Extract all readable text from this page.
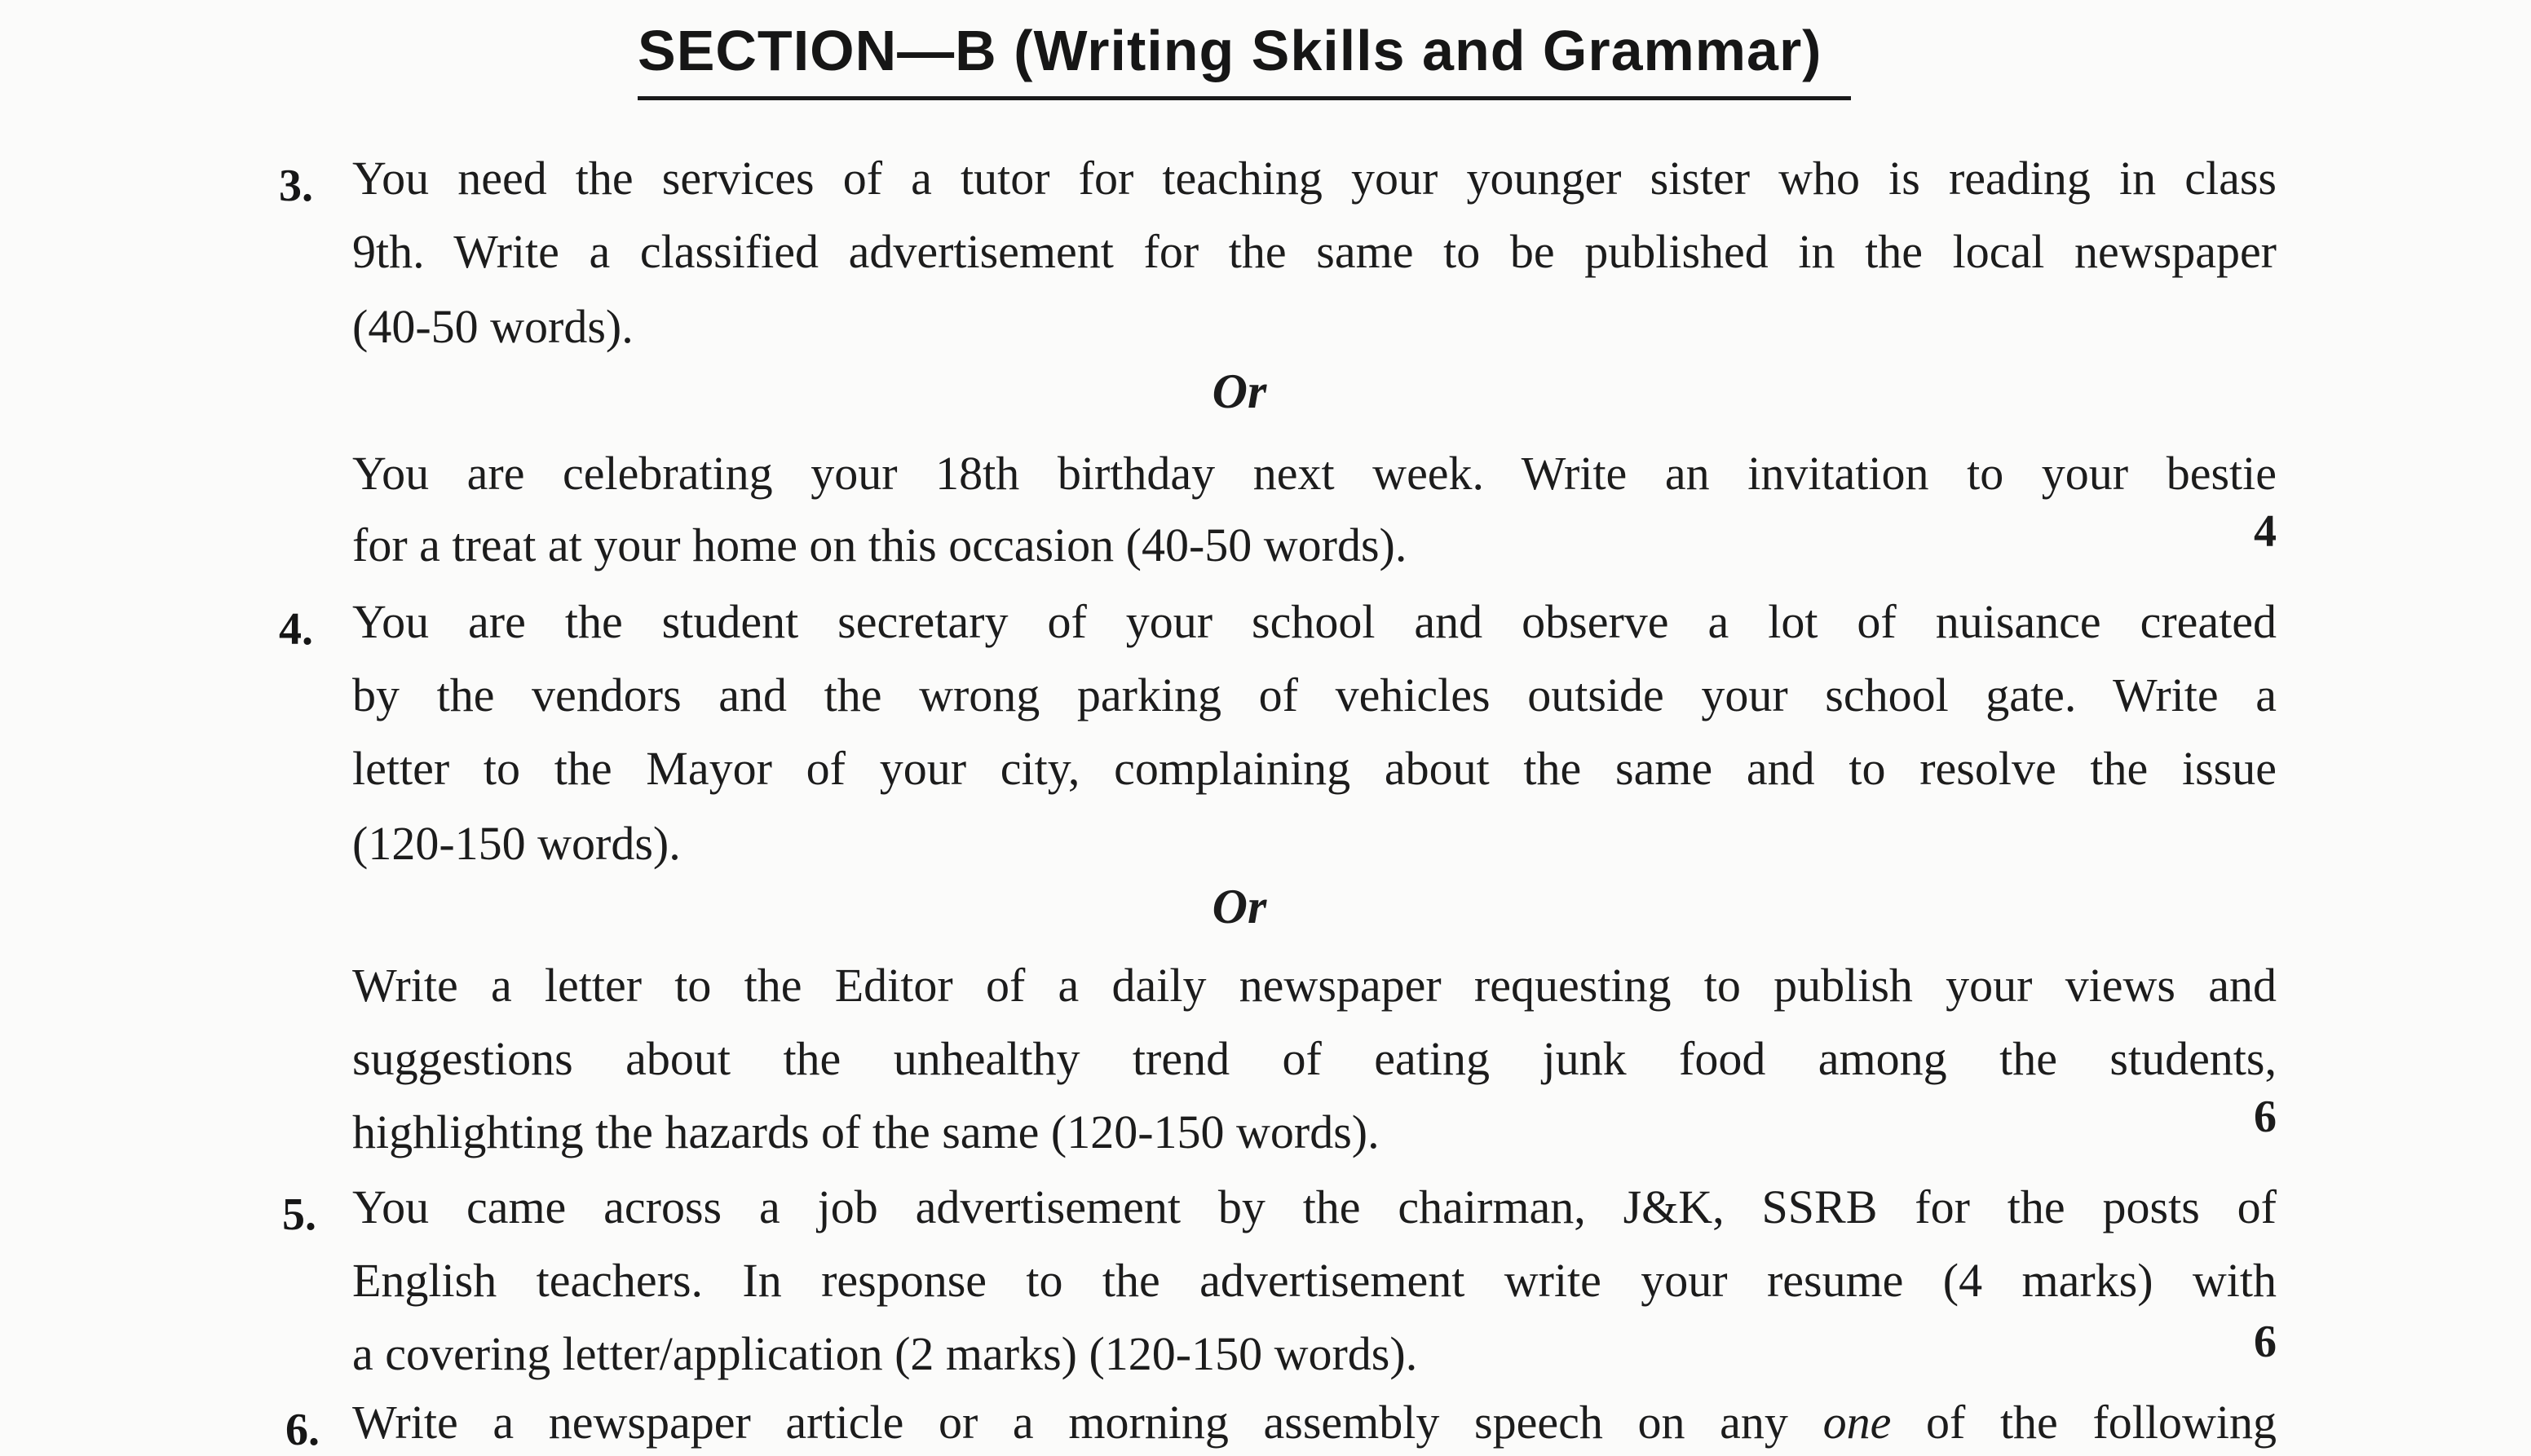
SECTION—B (Writing Skills and Grammar)
3. You need the services of a tutor for teaching your younger sister who is reading in class
9th. Write a classified advertisement for the same to be published in the local newspaper
(40-50 words).
Or
You are celebrating your 18th birthday next week. Write an invitation to your bestie
for a treat at your home on this occasion (40-50 words).	4
4. You are the student secretary of your school and observe a lot of nuisance created
by the vendors and the wrong parking of vehicles outside your school gate. Write a
letter to the Mayor of your city, complaining about the same and to resolve the issue
(120-150 words).
Or
Write a letter to the Editor of a daily newspaper requesting to publish your views and
suggestions about the unhealthy trend of eating junk food among the students,
highlighting the hazards of the same (120-150 words).	6
5. You came across a job advertisement by the chairman, J&K, SSRB for the posts of
English teachers. In response to the advertisement write your resume (4 marks) with
a covering letter/application (2 marks) (120-150 words).	6
6. Write a newspaper article or a morning assembly speech on any one of the following
